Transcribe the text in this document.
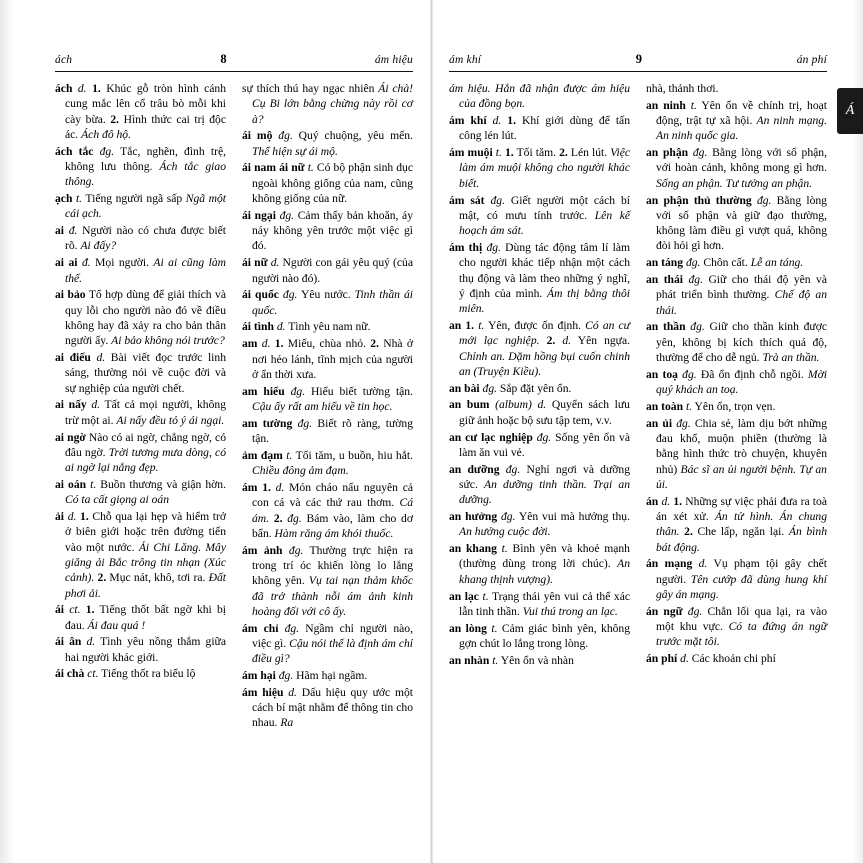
ách	8	ám hiệu

ách d. 1. Khúc gỗ tròn hình cánh cung mắc lên cổ trâu bò mỗi khi cày bừa. 2. Hình thức cai trị độc ác. Ách đô hộ.

ách tắc đg. Tắc, nghẽn, đình trệ, không lưu thông. Ách tắc giao thông.

ạch t. Tiếng người ngã sấp Ngã một cái ạch.

ai đ. Người nào có chưa được biết rõ. Ai đấy?

ai ai đ. Mọi người. Ai ai cũng làm thế.

ai bảo Tổ hợp dùng để giải thích và quy lỗi cho người nào đó về điều không hay đã xảy ra cho bản thân người ấy. Ai bảo không nói trước?

ai điếu d. Bài viết đọc trước linh sáng, thường nói về cuộc đời và sự nghiệp của người chết.

ai nấy d. Tất cả mọi người, không trừ một ai. Ai nấy đều tỏ ý ái ngại.

ai ngờ Nào có ai ngờ, chẳng ngờ, có đâu ngờ. Trời tương mưa dòng, có ai ngờ lại nắng đẹp.

ai oán t. Buồn thương và giận hờn. Có ta cất giọng ai oán

ải d. 1. Chỗ qua lại hẹp và hiểm trở ở biên giới hoặc trên đường tiến vào một nước. Ải Chi Lăng. Mây giăng ải Bắc trông tin nhạn (Xúc cảnh). 2. Mục nát, khô, tơi ra. Đất phơi ải.

ái ct. 1. Tiếng thốt bất ngờ khi bị đau. Ái đau quá !

ái ân d. Tình yêu nồng thắm giữa hai người khác giới.

ái chà ct. Tiếng thốt ra biểu lộ

sự thích thú hay ngạc nhiên Ái chà! Cụ Bi lớn bằng chừng này rồi cơ à?

ái mộ đg. Quý chuộng, yêu mến. Thể hiện sự ái mộ.

ái nam ái nữ t. Có bộ phận sinh dục ngoài không giống của nam, cũng không giống của nữ.

ái ngại đg. Cảm thấy bản khoăn, áy náy không yên trước một việc gì đó.

ái nữ d. Người con gái yêu quý (của người nào đó).

ái quốc đg. Yêu nước. Tinh thần ái quốc.

ái tình d. Tình yêu nam nữ.

am d. 1. Miếu, chùa nhỏ. 2. Nhà ở nơi hẻo lánh, tĩnh mịch của người ở ẩn thời xưa.

am hiểu đg. Hiểu biết tường tận. Cậu ấy rất am hiểu về tin học.

am tường đg. Biết rõ ràng, tường tận.

ảm đạm t. Tối tăm, u buồn, hiu hắt. Chiều đông ảm đạm.

ám 1. d. Món cháo nấu nguyên cả con cá và các thứ rau thơm. Cá ám. 2. đg. Bám vào, làm cho dơ bẩn. Hàm răng ám khói thuốc.

ám ảnh đg. Thường trực hiện ra trong trí óc khiến lòng lo lắng không yên. Vụ tai nạn thảm khốc đã trở thành nỗi ám ảnh kinh hoàng đối với cô ấy.

ám chỉ đg. Ngầm chỉ người nào, việc gì. Cậu nói thế là định ám chỉ điều gì?

ám hại đg. Hãm hại ngầm.

ám hiệu d. Dấu hiệu quy ước một cách bí mật nhằm để thông tin cho nhau. Ra

ám khí	9	án phí

ám hiệu. Hắn đã nhận được ám hiệu của đồng bọn.

ám khí d. 1. Khí giới dùng để tấn công lén lút.

ám muội t. 1. Tối tăm. 2. Lén lút. Việc làm ám muội không cho người khác biết.

ám sát đg. Giết người một cách bí mật, có mưu tính trước. Lên kế hoạch ám sát.

ám thị đg. Dùng tác động tâm lí làm cho người khác tiếp nhận một cách thụ động và làm theo những ý nghĩ, ý định của mình. Ám thị bằng thôi miên.

an 1. t. Yên, được ổn định. Có an cư mới lạc nghiệp. 2. d. Yên ngựa. Chỉnh an. Dặm hồng bụi cuốn chinh an (Truyện Kiều).

an bài đg. Sắp đặt yên ổn.

an bum (album) d. Quyển sách lưu giữ ảnh hoặc bộ sưu tập tem, v.v.

an cư lạc nghiệp đg. Sống yên ổn và làm ăn vui vẻ.

an dưỡng đg. Nghỉ ngơi và dưỡng sức. An dưỡng tinh thần. Trại an dưỡng.

an hưởng đg. Yên vui mà hưởng thụ. An hưởng cuộc đời.

an khang t. Bình yên và khoẻ mạnh (thường dùng trong lời chúc). An khang thịnh vượng).

an lạc t. Trạng thái yên vui cả thể xác lẫn tinh thần. Vui thú trong an lạc.

an lòng t. Cảm giác bình yên, không gợn chút lo lắng trong lòng.

an nhàn t. Yên ổn và nhàn

nhà, thảnh thơi.

an ninh t. Yên ổn về chính trị, hoạt động, trật tự xã hội. An ninh mạng. An ninh quốc gia.

an phận đg. Bằng lòng với số phận, với hoàn cảnh, không mong gì hơn. Sống an phận. Tư tưởng an phận.

an phận thủ thường đg. Bằng lòng với số phận và giữ đạo thường, không làm điều gì vượt quá, không đòi hỏi gì hơn.

an táng đg. Chôn cất. Lễ an táng.

an thái đg. Giữ cho thái độ yên và phát triển bình thường. Chế độ an thái.

an thần đg. Giữ cho thần kinh được yên, không bị kích thích quá độ, thường để cho dễ ngủ. Trà an thần.

an toạ đg. Đã ổn định chỗ ngồi. Mời quý khách an toạ.

an toàn t. Yên ổn, trọn vẹn.

an ủi đg. Chia sẻ, làm dịu bớt những đau khổ, muộn phiền (thường là bằng hình thức trò chuyện, khuyên nhủ) Bác sĩ an ủi người bệnh. Tự an ủi.

án d. 1. Những sự việc phải đưa ra toà án xét xử. Án tử hình. Án chung thân. 2. Che lấp, ngăn lại. Án bình bát động.

án mạng d. Vụ phạm tội gây chết người. Tên cướp đã dùng hung khí gây án mạng.

án ngữ đg. Chắn lối qua lại, ra vào một khu vực. Có ta đứng án ngữ trước mặt tôi.

án phí d. Các khoản chi phí

Á
